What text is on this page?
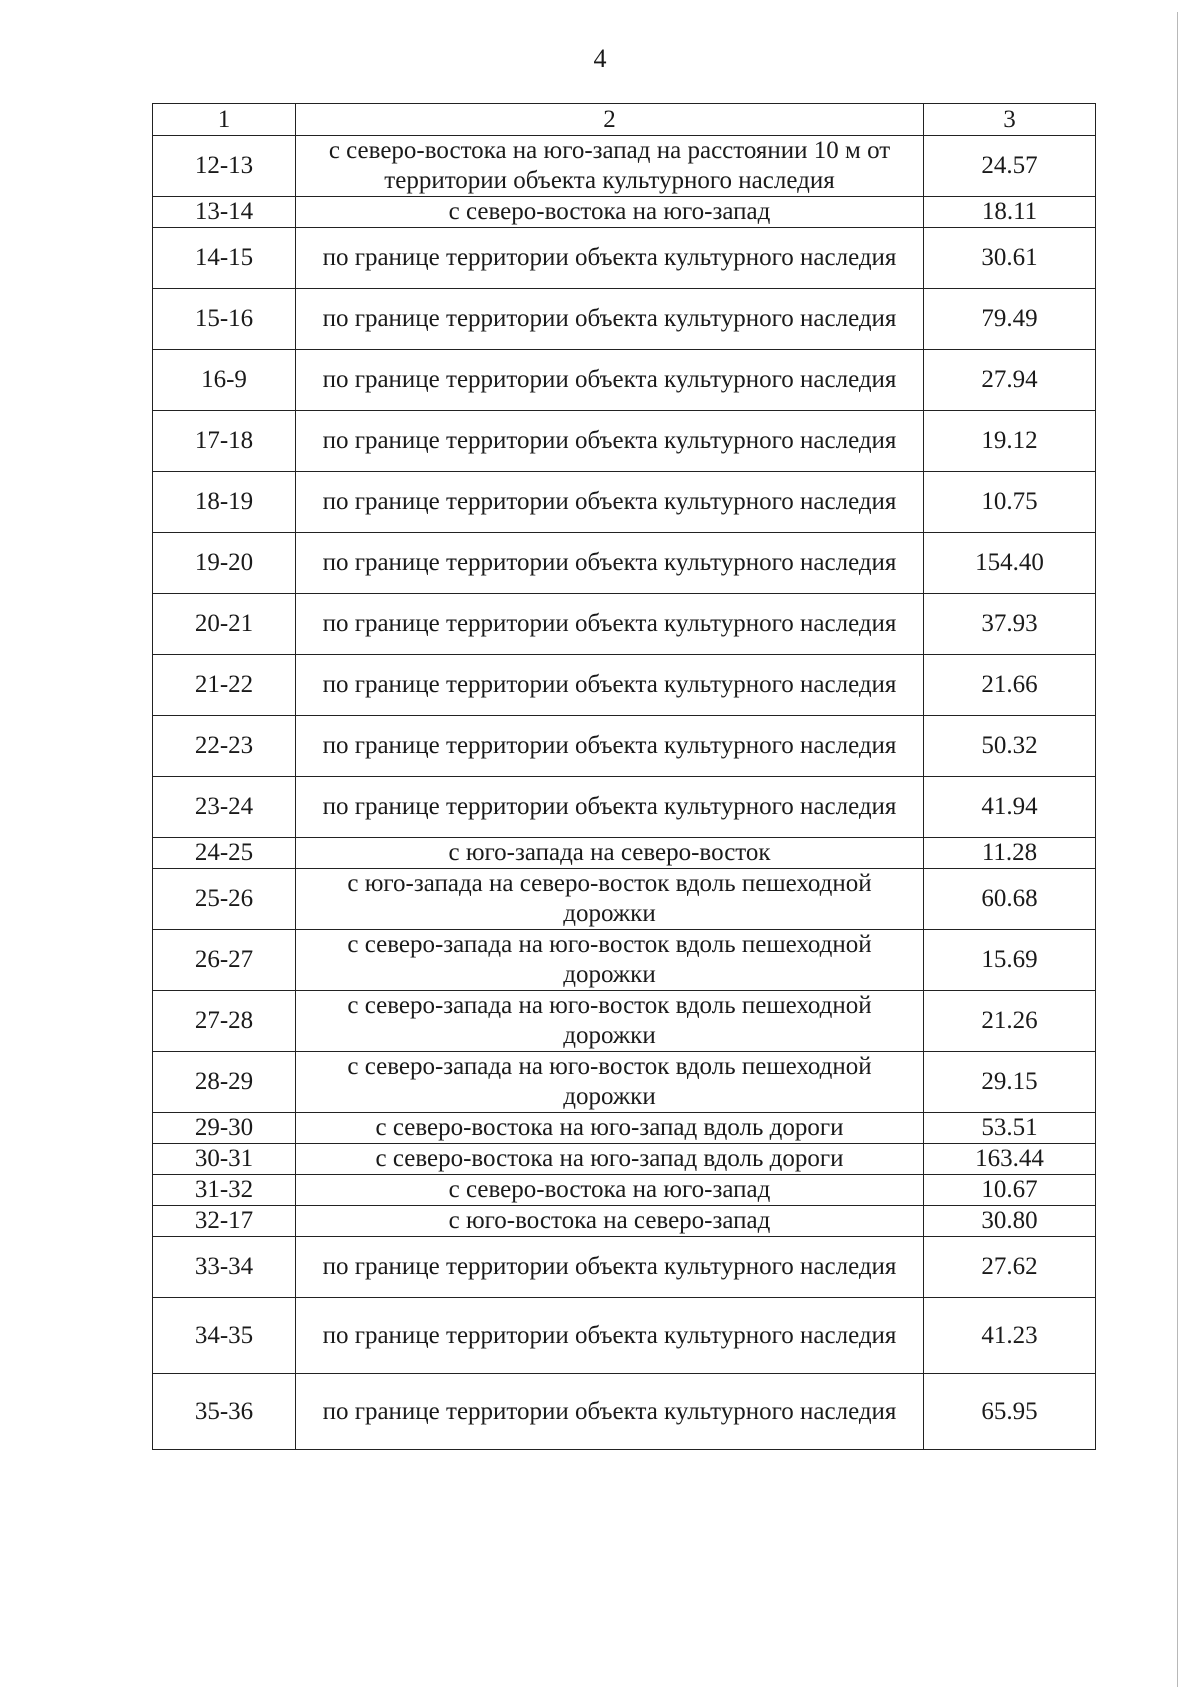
4
1	2	3
12-13	с северо-востока на юго-запад на расстоянии 10 м от территории объекта культурного наследия	24.57
13-14	с северо-востока на юго-запад	18.11
14-15	по границе территории объекта культурного наследия	30.61
15-16	по границе территории объекта культурного наследия	79.49
16-9	по границе территории объекта культурного наследия	27.94
17-18	по границе территории объекта культурного наследия	19.12
18-19	по границе территории объекта культурного наследия	10.75
19-20	по границе территории объекта культурного наследия	154.40
20-21	по границе территории объекта культурного наследия	37.93
21-22	по границе территории объекта культурного наследия	21.66
22-23	по границе территории объекта культурного наследия	50.32
23-24	по границе территории объекта культурного наследия	41.94
24-25	с юго-запада на северо-восток	11.28
25-26	с юго-запада на северо-восток вдоль пешеходной дорожки	60.68
26-27	с северо-запада на юго-восток вдоль пешеходной дорожки	15.69
27-28	с северо-запада на юго-восток вдоль пешеходной дорожки	21.26
28-29	с северо-запада на юго-восток вдоль пешеходной дорожки	29.15
29-30	с северо-востока на юго-запад вдоль дороги	53.51
30-31	с северо-востока на юго-запад вдоль дороги	163.44
31-32	с северо-востока на юго-запад	10.67
32-17	с юго-востока на северо-запад	30.80
33-34	по границе территории объекта культурного наследия	27.62
34-35	по границе территории объекта культурного наследия	41.23
35-36	по границе территории объекта культурного наследия	65.95
